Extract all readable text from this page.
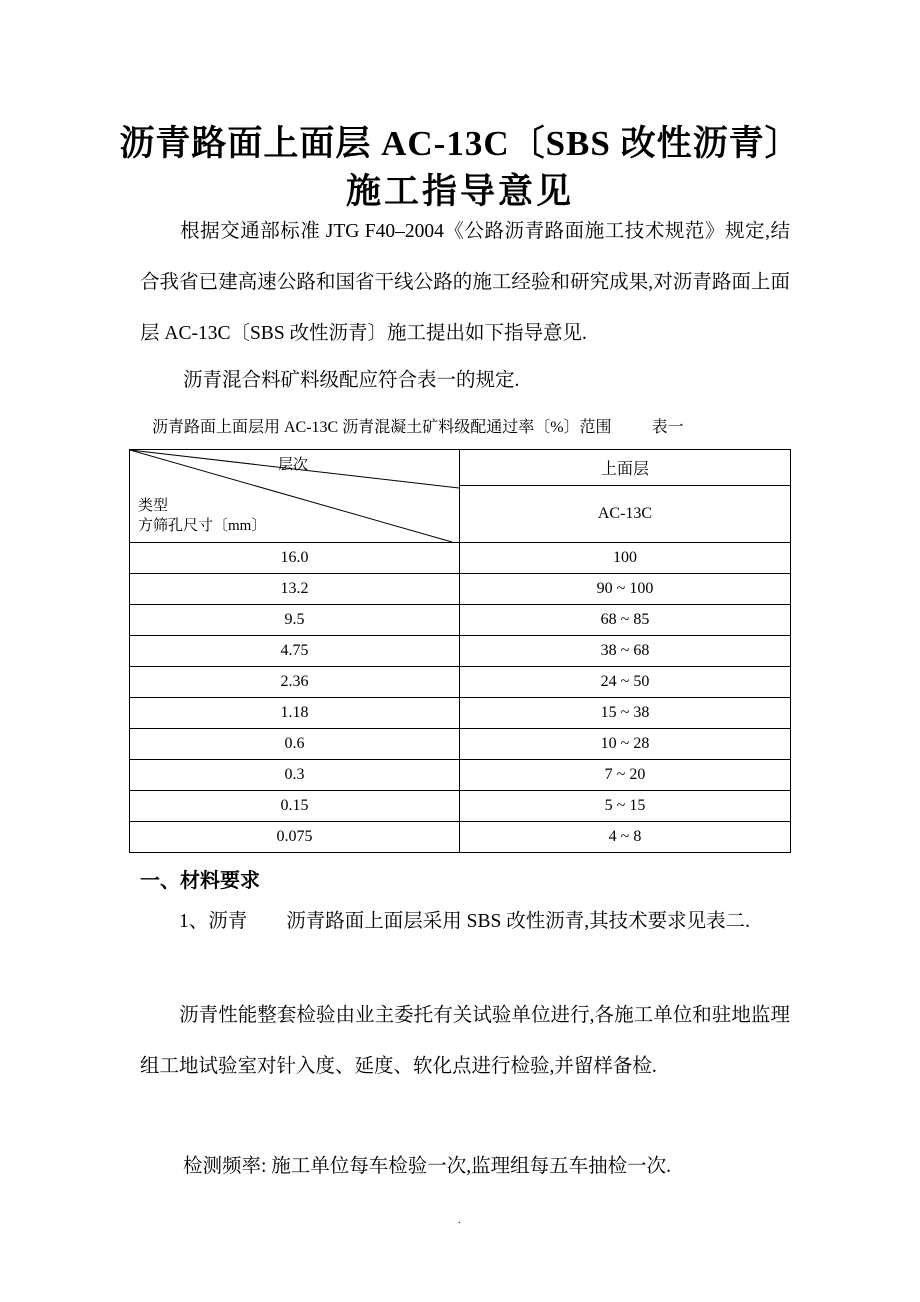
沥青路面上面层 AC-13C〔SBS 改性沥青〕
施工指导意见

　　根据交通部标准 JTG F40–2004《公路沥青路面施工技术规范》规定,结合我省已建高速公路和国省干线公路的施工经验和研究成果,对沥青路面上面层 AC-13C〔SBS 改性沥青〕施工提出如下指导意见.

沥青混合料矿料级配应符合表一的规定.
沥青路面上面层用 AC-13C 沥青混凝土矿料级配通过率〔%〕范围	表一
层次
类型
方筛孔尺寸〔mm〕	上面层
	AC-13C
16.0	100
13.2	90 ~ 100
9.5	68 ~ 85
4.75	38 ~ 68
2.36	24 ~ 50
1.18	15 ~ 38
0.6	10 ~ 28
0.3	7 ~ 20
0.15	5 ~ 15
0.075	4 ~ 8
一、材料要求

　　1、沥青　　沥青路面上面层采用 SBS 改性沥青,其技术要求见表二.

　　沥青性能整套检验由业主委托有关试验单位进行,各施工单位和驻地监理组工地试验室对针入度、延度、软化点进行检验,并留样备检.

检测频率: 施工单位每车检验一次,监理组每五车抽检一次.
.
